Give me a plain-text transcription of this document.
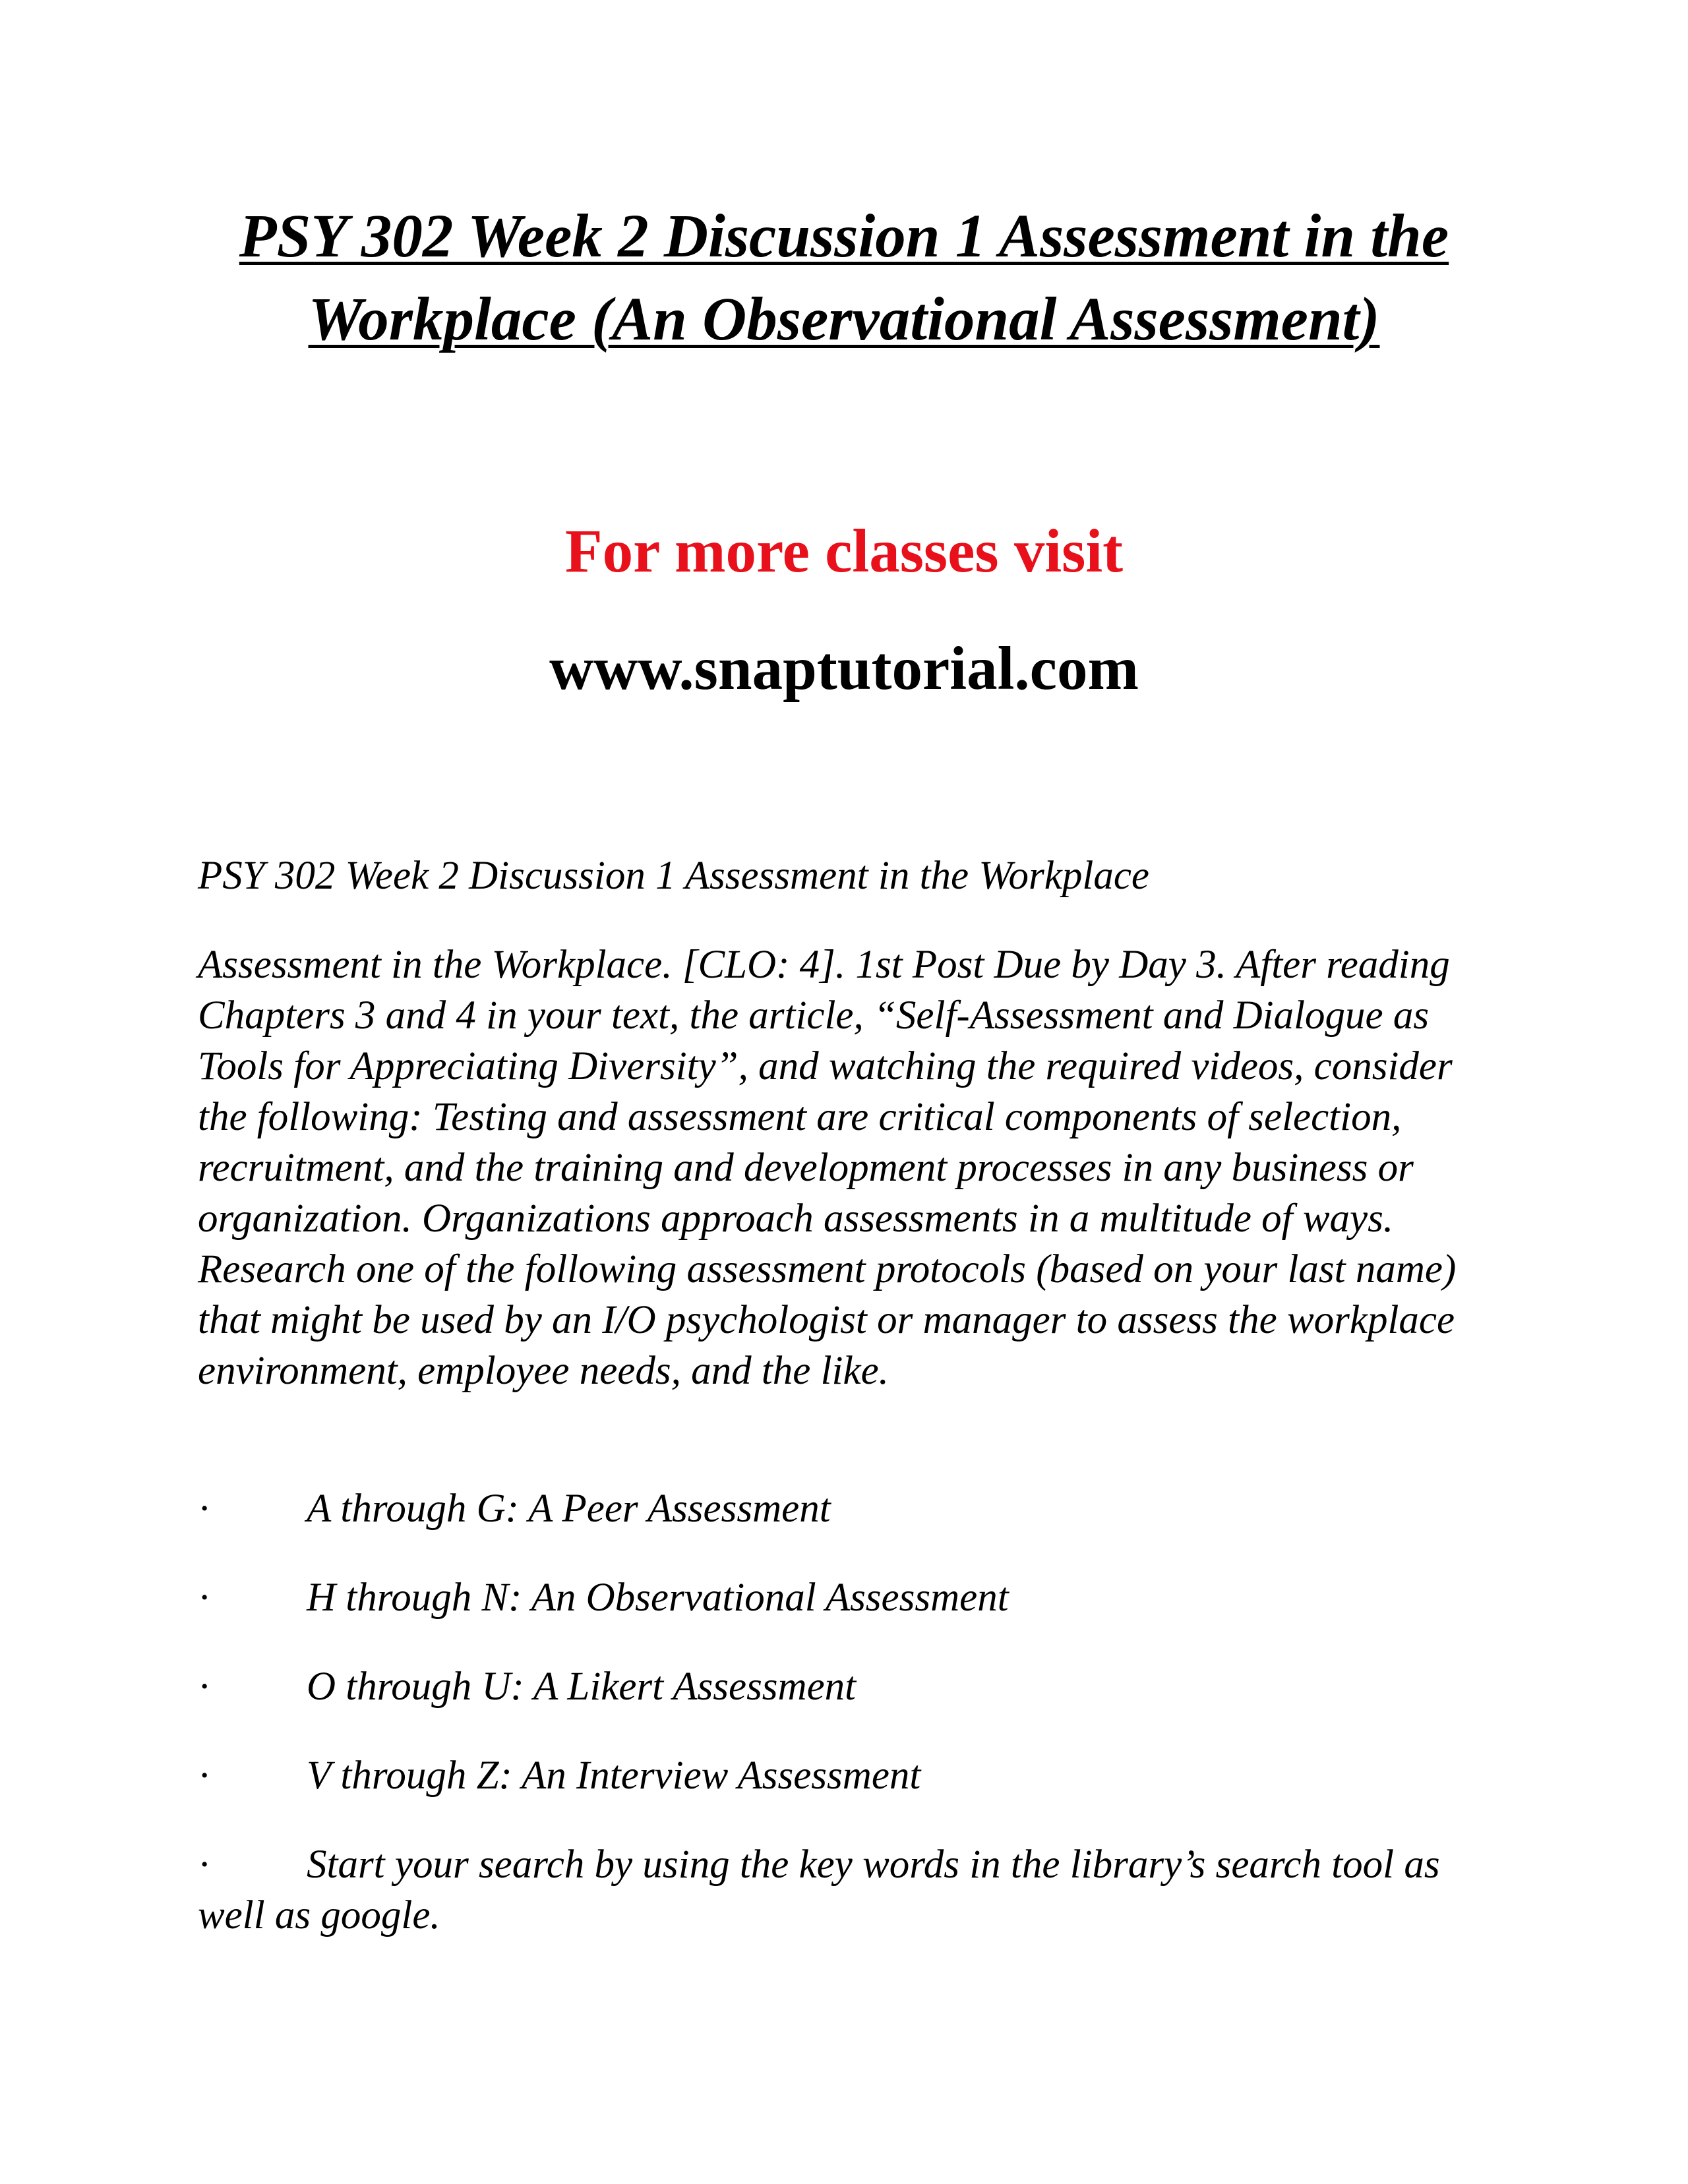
PSY 302 Week 2 Discussion 1 Assessment in the Workplace (An Observational Assessment)

For more classes visit

www.snaptutorial.com

PSY 302 Week 2 Discussion 1 Assessment in the Workplace

Assessment in the Workplace. [CLO: 4]. 1st Post Due by Day 3. After reading Chapters 3 and 4 in your text, the article, “Self-Assessment and Dialogue as Tools for Appreciating Diversity”, and watching the required videos, consider the following: Testing and assessment are critical components of selection, recruitment, and the training and development processes in any business or organization. Organizations approach assessments in a multitude of ways. Research one of the following assessment protocols (based on your last name) that might be used by an I/O psychologist or manager to assess the workplace environment, employee needs, and the like.

· A through G: A Peer Assessment

· H through N: An Observational Assessment

· O through U: A Likert Assessment

· V through Z: An Interview Assessment

· Start your search by using the key words in the library’s search tool as well as google.
